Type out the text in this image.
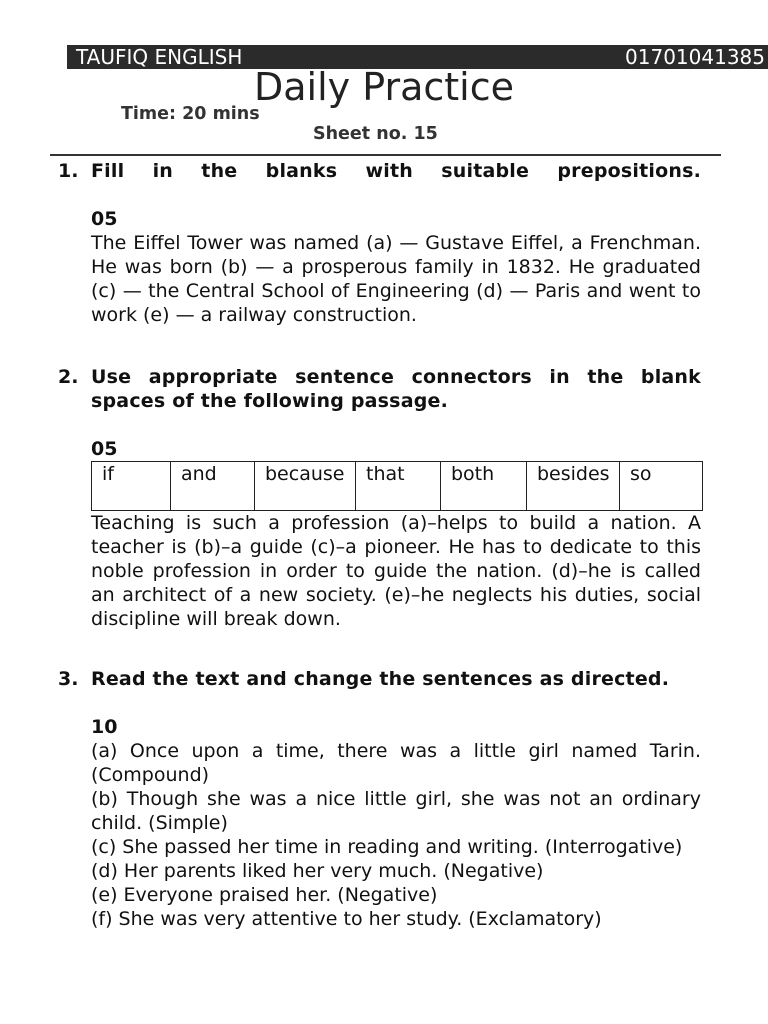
TAUFIQ ENGLISH	01701041385
Daily Practice
Time: 20 mins
Sheet no. 15
1. Fill in the blanks with suitable prepositions.
05
The Eiffel Tower was named (a) — Gustave Eiffel, a Frenchman. He was born (b) — a prosperous family in 1832. He graduated (c) — the Central School of Engineering (d) — Paris and went to work (e) — a railway construction.
2. Use appropriate sentence connectors in the blank spaces of the following passage.
05
if	and	because	that	both	besides	so
Teaching is such a profession (a)–helps to build a nation. A teacher is (b)–a guide (c)–a pioneer. He has to dedicate to this noble profession in order to guide the nation. (d)–he is called an architect of a new society. (e)–he neglects his duties, social discipline will break down.
3. Read the text and change the sentences as directed.
10
(a) Once upon a time, there was a little girl named Tarin. (Compound)
(b) Though she was a nice little girl, she was not an ordinary child. (Simple)
(c) She passed her time in reading and writing. (Interrogative)
(d) Her parents liked her very much. (Negative)
(e) Everyone praised her. (Negative)
(f) She was very attentive to her study. (Exclamatory)
